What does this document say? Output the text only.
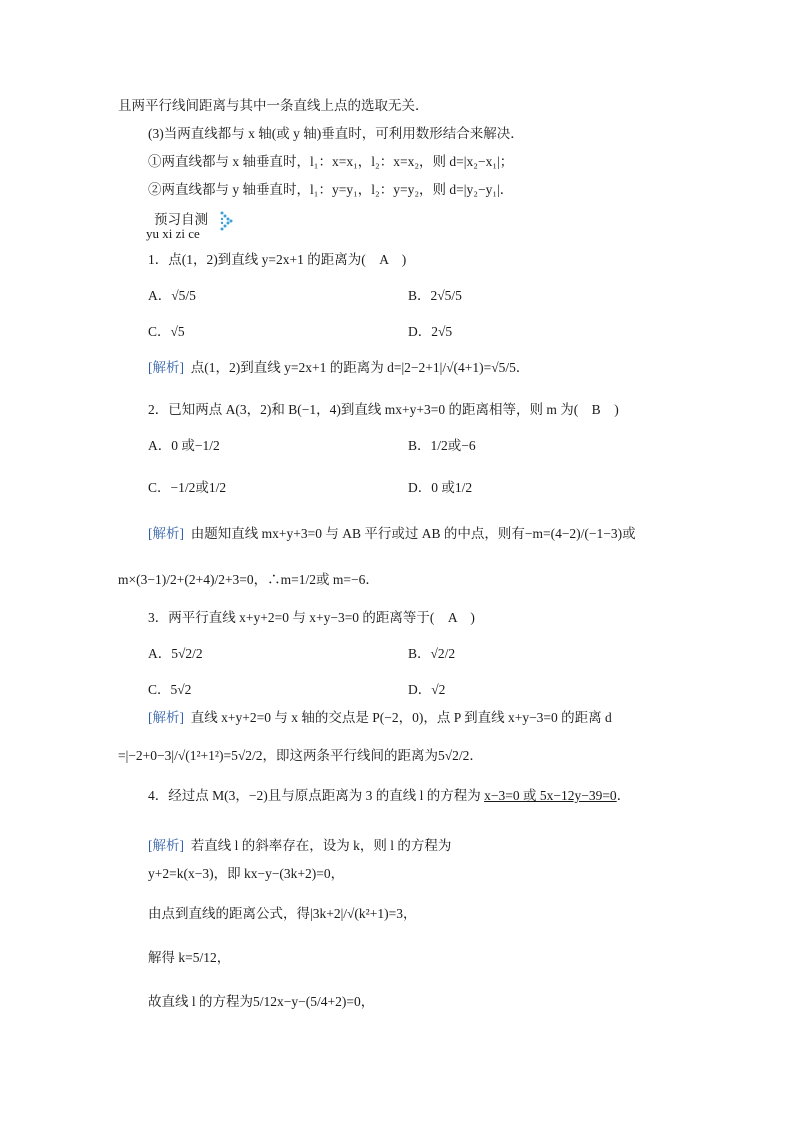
且两平行线间距离与其中一条直线上点的选取无关．
(3)当两直线都与 x 轴(或 y 轴)垂直时，可利用数形结合来解决．
①两直线都与 x 轴垂直时，l₁：x=x₁，l₂：x=x₂，则 d=|x₂−x₁|；
②两直线都与 y 轴垂直时，l₁：y=y₁，l₂：y=y₂，则 d=|y₂−y₁|．
预习自测
yu xi zi ce
1．点(1，2)到直线 y=2x+1 的距离为(　A　)
A．√5/5	B．2√5/5
C．√5	D．2√5
[解析] 点(1，2)到直线 y=2x+1 的距离为 d=|2−2+1|/√(4+1)=√5/5．
2．已知两点 A(3，2)和 B(−1，4)到直线 mx+y+3=0 的距离相等，则 m 为(　B　)
A．0 或−1/2	B．1/2或−6
C．−1/2或1/2	D．0 或1/2
[解析] 由题知直线 mx+y+3=0 与 AB 平行或过 AB 的中点，则有−m=(4−2)/(−1−3)或
m×(3−1)/2+(2+4)/2+3=0，∴m=1/2或 m=−6．
3．两平行直线 x+y+2=0 与 x+y−3=0 的距离等于(　A　)
A．5√2/2	B．√2/2
C．5√2	D．√2
[解析] 直线 x+y+2=0 与 x 轴的交点是 P(−2，0)，点 P 到直线 x+y−3=0 的距离 d
=|−2+0−3|/√(1²+1²)=5√2/2，即这两条平行线间的距离为5√2/2．
4．经过点 M(3，−2)且与原点距离为 3 的直线 l 的方程为 x−3=0 或 5x−12y−39=0．
[解析] 若直线 l 的斜率存在，设为 k，则 l 的方程为
y+2=k(x−3)，即 kx−y−(3k+2)=0，
由点到直线的距离公式，得|3k+2|/√(k²+1)=3，
解得 k=5/12，
故直线 l 的方程为5/12x−y−(5/4+2)=0，
